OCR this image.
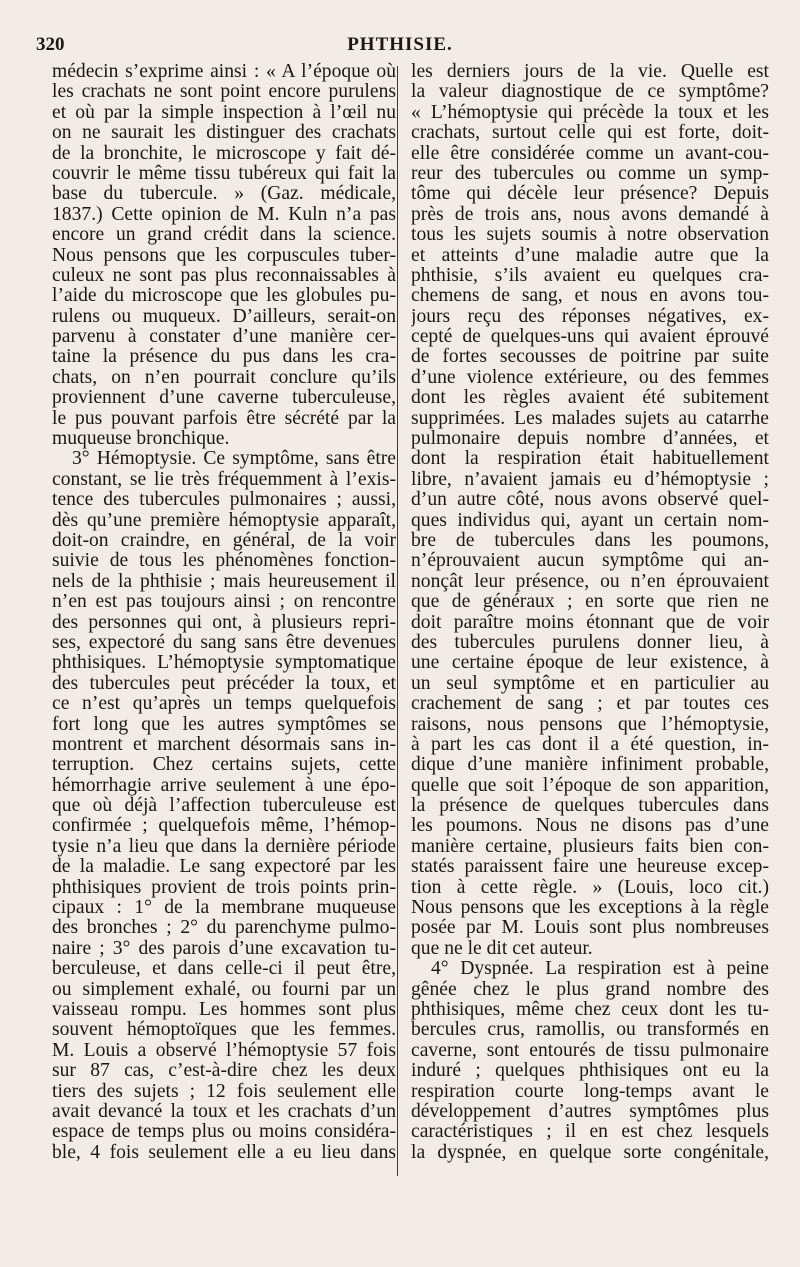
320	PHTHISIE.
médecin s’exprime ainsi : « A l’époque où
les crachats ne sont point encore purulens
et où par la simple inspection à l’œil nu
on ne saurait les distinguer des crachats
de la bronchite, le microscope y fait dé-
couvrir le même tissu tubéreux qui fait la
base du tubercule. » (Gaz. médicale,
1837.) Cette opinion de M. Kuln n’a pas
encore un grand crédit dans la science.
Nous pensons que les corpuscules tuber-
culeux ne sont pas plus reconnaissables à
l’aide du microscope que les globules pu-
rulens ou muqueux. D’ailleurs, serait-on
parvenu à constater d’une manière cer-
taine la présence du pus dans les cra-
chats, on n’en pourrait conclure qu’ils
proviennent d’une caverne tuberculeuse,
le pus pouvant parfois être sécrété par la
muqueuse bronchique.
3° Hémoptysie. Ce symptôme, sans être
constant, se lie très fréquemment à l’exis-
tence des tubercules pulmonaires ; aussi,
dès qu’une première hémoptysie apparaît,
doit-on craindre, en général, de la voir
suivie de tous les phénomènes fonction-
nels de la phthisie ; mais heureusement il
n’en est pas toujours ainsi ; on rencontre
des personnes qui ont, à plusieurs repri-
ses, expectoré du sang sans être devenues
phthisiques. L’hémoptysie symptomatique
des tubercules peut précéder la toux, et
ce n’est qu’après un temps quelquefois
fort long que les autres symptômes se
montrent et marchent désormais sans in-
terruption. Chez certains sujets, cette
hémorrhagie arrive seulement à une épo-
que où déjà l’affection tuberculeuse est
confirmée ; quelquefois même, l’hémop-
tysie n’a lieu que dans la dernière période
de la maladie. Le sang expectoré par les
phthisiques provient de trois points prin-
cipaux : 1° de la membrane muqueuse
des bronches ; 2° du parenchyme pulmo-
naire ; 3° des parois d’une excavation tu-
berculeuse, et dans celle-ci il peut être,
ou simplement exhalé, ou fourni par un
vaisseau rompu. Les hommes sont plus
souvent hémoptoïques que les femmes.
M. Louis a observé l’hémoptysie 57 fois
sur 87 cas, c’est-à-dire chez les deux
tiers des sujets ; 12 fois seulement elle
avait devancé la toux et les crachats d’un
espace de temps plus ou moins considéra-
ble, 4 fois seulement elle a eu lieu dans
les derniers jours de la vie. Quelle est
la valeur diagnostique de ce symptôme?
« L’hémoptysie qui précède la toux et les
crachats, surtout celle qui est forte, doit-
elle être considérée comme un avant-cou-
reur des tubercules ou comme un symp-
tôme qui décèle leur présence? Depuis
près de trois ans, nous avons demandé à
tous les sujets soumis à notre observation
et atteints d’une maladie autre que la
phthisie, s’ils avaient eu quelques cra-
chemens de sang, et nous en avons tou-
jours reçu des réponses négatives, ex-
cepté de quelques-uns qui avaient éprouvé
de fortes secousses de poitrine par suite
d’une violence extérieure, ou des femmes
dont les règles avaient été subitement
supprimées. Les malades sujets au catarrhe
pulmonaire depuis nombre d’années, et
dont la respiration était habituellement
libre, n’avaient jamais eu d’hémoptysie ;
d’un autre côté, nous avons observé quel-
ques individus qui, ayant un certain nom-
bre de tubercules dans les poumons,
n’éprouvaient aucun symptôme qui an-
nonçât leur présence, ou n’en éprouvaient
que de généraux ; en sorte que rien ne
doit paraître moins étonnant que de voir
des tubercules purulens donner lieu, à
une certaine époque de leur existence, à
un seul symptôme et en particulier au
crachement de sang ; et par toutes ces
raisons, nous pensons que l’hémoptysie,
à part les cas dont il a été question, in-
dique d’une manière infiniment probable,
quelle que soit l’époque de son apparition,
la présence de quelques tubercules dans
les poumons. Nous ne disons pas d’une
manière certaine, plusieurs faits bien con-
statés paraissent faire une heureuse excep-
tion à cette règle. » (Louis, loco cit.)
Nous pensons que les exceptions à la règle
posée par M. Louis sont plus nombreuses
que ne le dit cet auteur.
4° Dyspnée. La respiration est à peine
gênée chez le plus grand nombre des
phthisiques, même chez ceux dont les tu-
bercules crus, ramollis, ou transformés en
caverne, sont entourés de tissu pulmonaire
induré ; quelques phthisiques ont eu la
respiration courte long-temps avant le
développement d’autres symptômes plus
caractéristiques ; il en est chez lesquels
la dyspnée, en quelque sorte congénitale,
